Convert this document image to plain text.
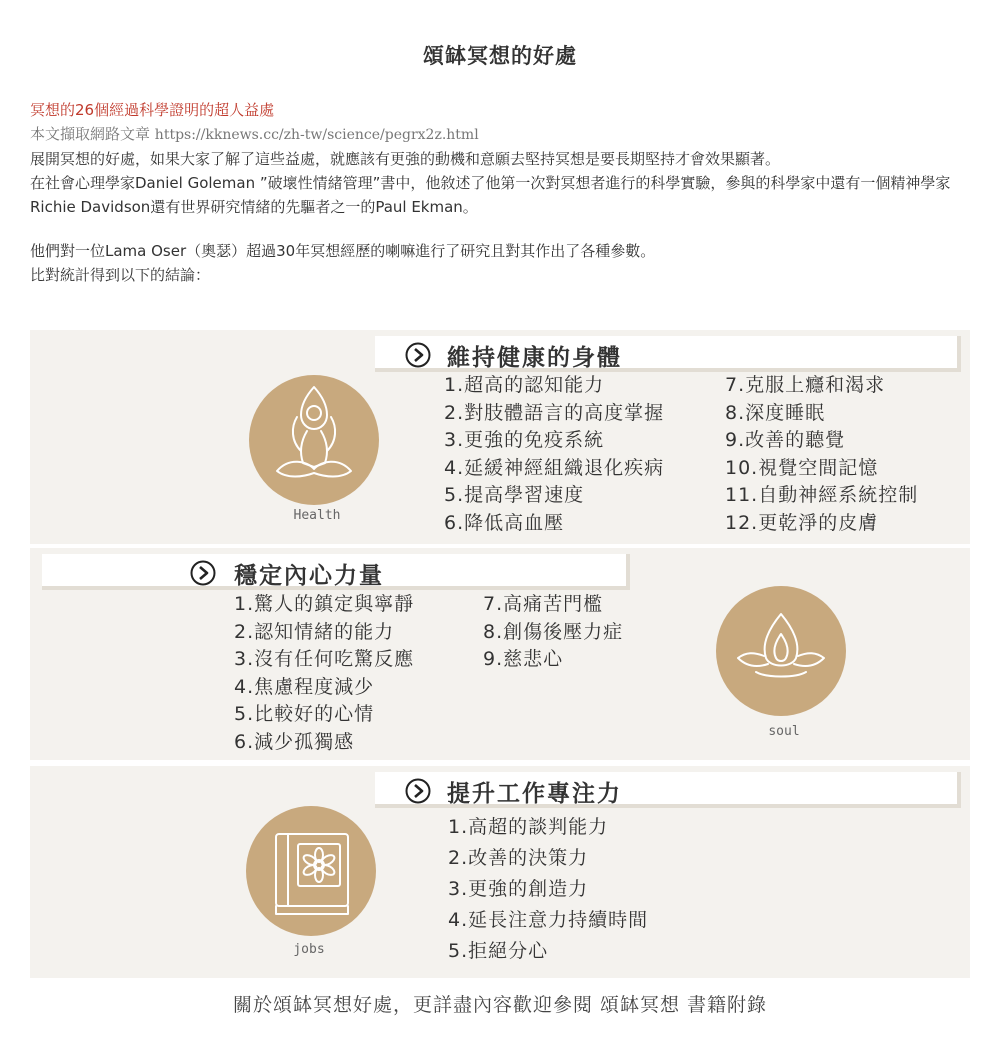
頌缽冥想的好處
冥想的26個經過科學證明的超人益處
本文擷取網路文章 https://kknews.cc/zh-tw/science/pegrx2z.html

展開冥想的好處，如果大家了解了這些益處，就應該有更強的動機和意願去堅持冥想是要長期堅持才會效果顯著。

在社會心理學家Daniel Goleman ”破壞性情緒管理”書中，他敘述了他第一次對冥想者進行的科學實驗，參與的科學家中還有一個精神學家Richie Davidson還有世界研究情緒的先驅者之一的Paul Ekman。

他們對一位Lama Oser（奧瑟）超過30年冥想經歷的喇嘛進行了研究且對其作出了各種參數。

比對統計得到以下的結論：

維持健康的身體
Health
1.超高的認知能力
2.對肢體語言的高度掌握
3.更強的免疫系統
4.延緩神經組織退化疾病
5.提高學習速度
6.降低高血壓
7.克服上癮和渴求
8.深度睡眠
9.改善的聽覺
10.視覺空間記憶
11.自動神經系統控制
12.更乾淨的皮膚
穩定內心力量
soul
1.驚人的鎮定與寧靜
2.認知情緒的能力
3.沒有任何吃驚反應
4.焦慮程度減少
5.比較好的心情
6.減少孤獨感
7.高痛苦門檻
8.創傷後壓力症
9.慈悲心
提升工作專注力
jobs
1.高超的談判能力
2.改善的決策力
3.更強的創造力
4.延長注意力持續時間
5.拒絕分心
關於頌缽冥想好處，更詳盡內容歡迎參閱 頌缽冥想 書籍附錄
